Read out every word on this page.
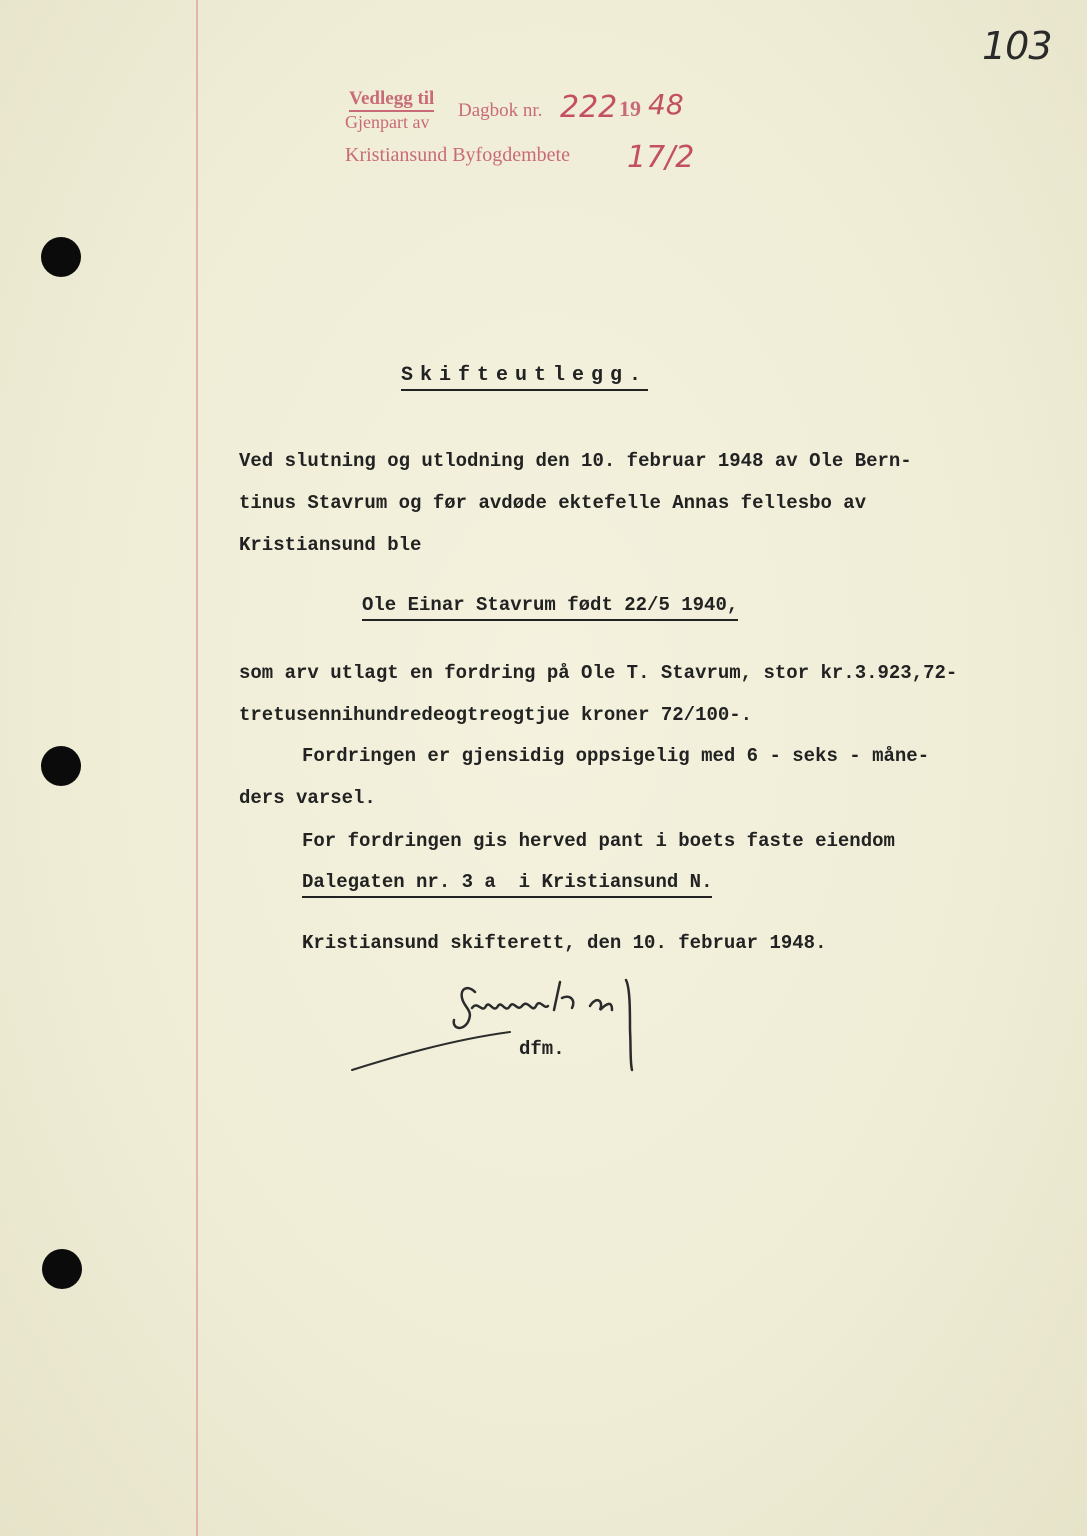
103
Vedlegg til
Gjenpart av
Dagbok nr. 222 19 48
Kristiansund Byfogdembete 17/2
Skifteutlegg.
Ved slutning og utlodning den 10. februar 1948 av Ole Bern-
tinus Stavrum og før avdøde ektefelle Annas fellesbo av
Kristiansund ble
Ole Einar Stavrum født 22/5 1940,
som arv utlagt en fordring på Ole T. Stavrum, stor kr.3.923,72-
tretusennihundredeogtreogtjue kroner 72/100-.
Fordringen er gjensidig oppsigelig med 6 - seks - måne-
ders varsel.
For fordringen gis herved pant i boets faste eiendom
Dalegaten nr. 3 a  i Kristiansund N.
Kristiansund skifterett, den 10. februar 1948.
dfm.
